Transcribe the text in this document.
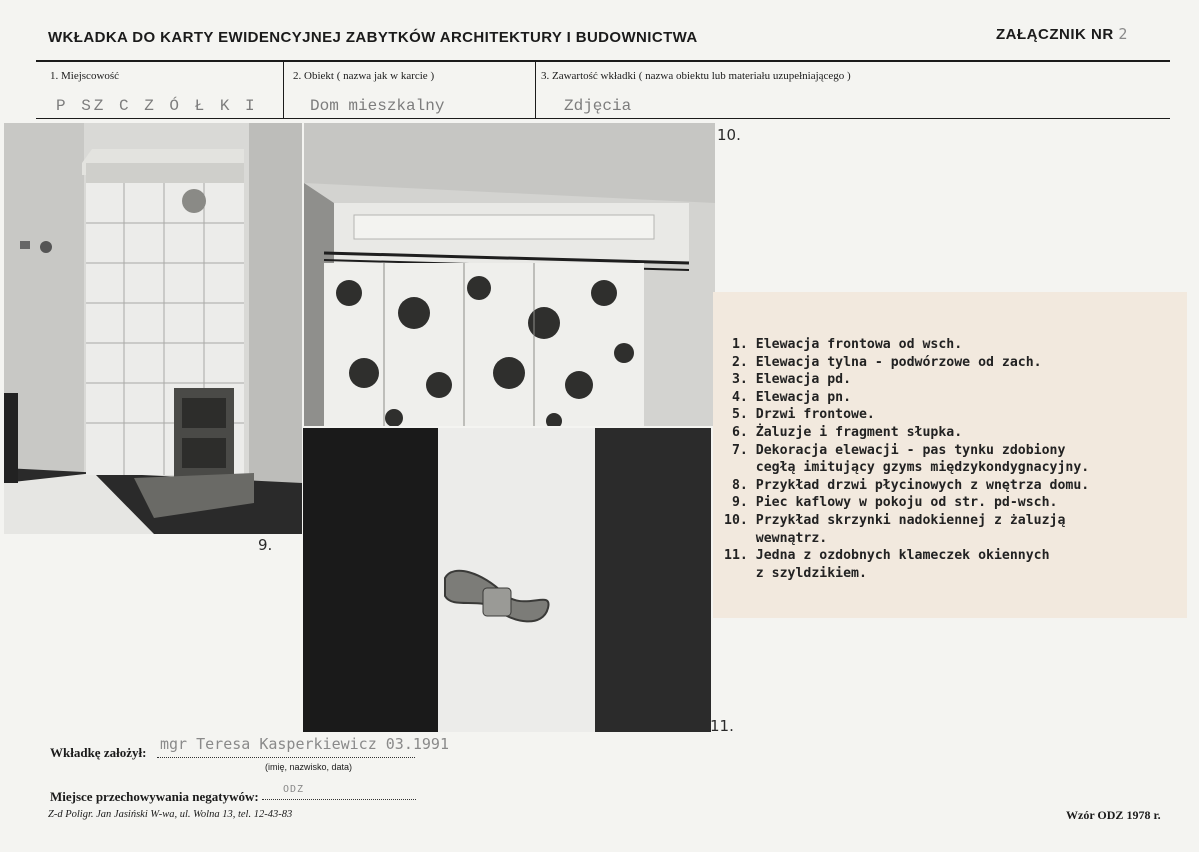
WKŁADKA DO KARTY EWIDENCYJNEJ ZABYTKÓW ARCHITEKTURY I BUDOWNICTWA	ZAŁĄCZNIK NR 2
1. Miejscowość	2. Obiekt ( nazwa jak w karcie )	3. Zawartość wkładki ( nazwa obiektu lub materiału uzupełniającego )
P SZ C Z Ó Ł K I	Dom mieszkalny	Zdjęcia
9.
10.
11.
1. Elewacja frontowa od wsch.
2. Elewacja tylna - podwórzowe od zach.
3. Elewacja pd.
4. Elewacja pn.
5. Drzwi frontowe.
6. Żaluzje i fragment słupka.
7. Dekoracja elewacji - pas tynku zdobiony
cegłą imitujący gzyms międzykondygnacyjny.
8. Przykład drzwi płycinowych z wnętrza domu.
9. Piec kaflowy w pokoju od str. pd-wsch.
10. Przykład skrzynki nadokiennej z żaluzją
wewnątrz.
11. Jedna z ozdobnych klameczek okiennych
z szyldzikiem.
Wkładkę założył: mgr Teresa Kasperkiewicz 03.1991
(imię, nazwisko, data)
Miejsce przechowywania negatywów: ODZ
Z-d Poligr. Jan Jasiński W-wa, ul. Wolna 13, tel. 12-43-83	Wzór ODZ 1978 r.
